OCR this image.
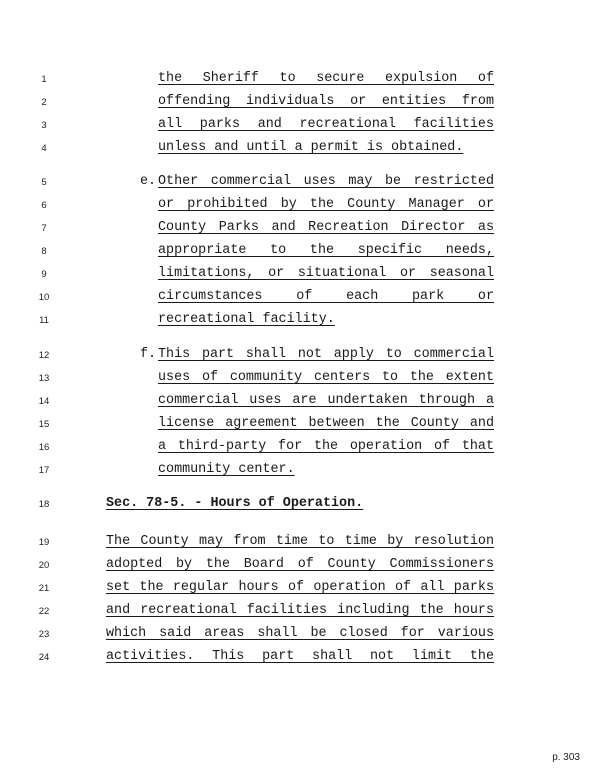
1
2
3
4
5
6
7
8
9
10
11
12
13
14
15
16
17
18
19
20
21
22
23
24
the Sheriff to secure expulsion of
offending individuals or entities from
all parks and recreational facilities
unless and until a permit is obtained.
e. Other commercial uses may be restricted
or prohibited by the County Manager or
County Parks and Recreation Director as
appropriate to the specific needs,
limitations, or situational or seasonal
circumstances of each park or
recreational facility.
f. This part shall not apply to commercial
uses of community centers to the extent
commercial uses are undertaken through a
license agreement between the County and
a third-party for the operation of that
community center.
Sec. 78-5. - Hours of Operation.
The County may from time to time by resolution
adopted by the Board of County Commissioners
set the regular hours of operation of all parks
and recreational facilities including the hours
which said areas shall be closed for various
activities. This part shall not limit the
p. 303
